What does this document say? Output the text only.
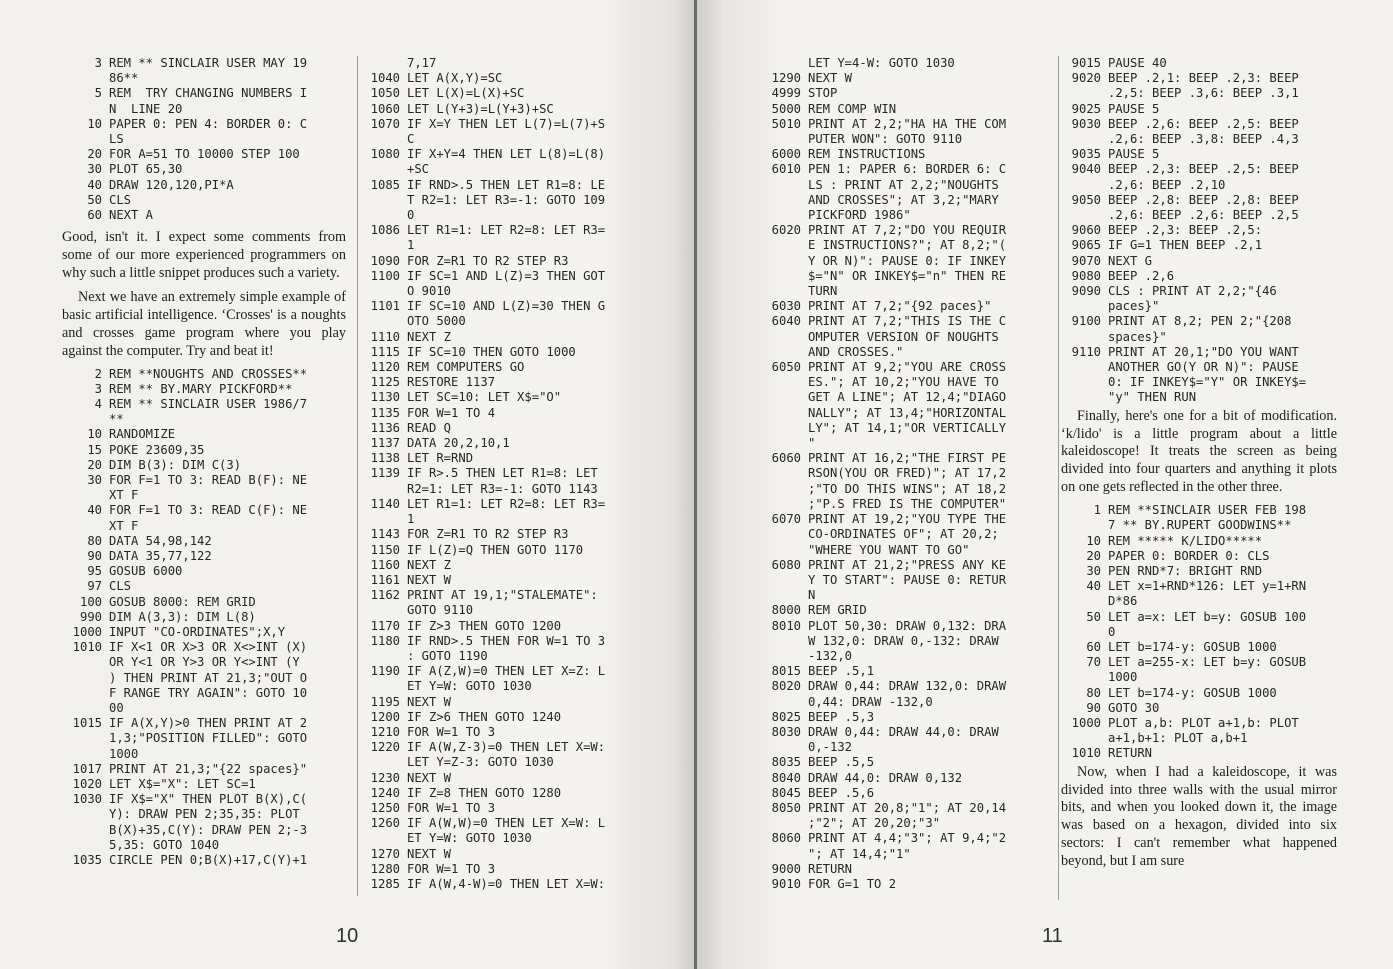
3 REM ** SINCLAIR USER MAY 19
86**
5 REM  TRY CHANGING NUMBERS I
N  LINE 20
10 PAPER 0: PEN 4: BORDER 0: C
LS
20 FOR A=51 TO 10000 STEP 100
30 PLOT 65,30
40 DRAW 120,120,PI*A
50 CLS
60 NEXT A

Good, isn't it. I expect some comments from some of our more experienced programmers on why such a little snippet produces such a variety.

Next we have an extremely simple example of basic artificial intelligence. ‘Crosses' is a noughts and crosses game program where you play against the computer. Try and beat it!

2 REM **NOUGHTS AND CROSSES**
3 REM ** BY.MARY PICKFORD**
4 REM ** SINCLAIR USER 1986/7
**
10 RANDOMIZE
15 POKE 23609,35
20 DIM B(3): DIM C(3)
30 FOR F=1 TO 3: READ B(F): NE
XT F
40 FOR F=1 TO 3: READ C(F): NE
XT F
80 DATA 54,98,142
90 DATA 35,77,122
95 GOSUB 6000
97 CLS
100 GOSUB 8000: REM GRID
990 DIM A(3,3): DIM L(8)
1000 INPUT "CO-ORDINATES";X,Y
1010 IF X<1 OR X>3 OR X<>INT (X)
OR Y<1 OR Y>3 OR Y<>INT (Y
) THEN PRINT AT 21,3;"OUT O
F RANGE TRY AGAIN": GOTO 10
00
1015 IF A(X,Y)>0 THEN PRINT AT 2
1,3;"POSITION FILLED": GOTO
1000
1017 PRINT AT 21,3;"{22 spaces}"
1020 LET X$="X": LET SC=1
1030 IF X$="X" THEN PLOT B(X),C(
Y): DRAW PEN 2;35,35: PLOT
B(X)+35,C(Y): DRAW PEN 2;-3
5,35: GOTO 1040
1035 CIRCLE PEN 0;B(X)+17,C(Y)+1
7,17
1040 LET A(X,Y)=SC
1050 LET L(X)=L(X)+SC
1060 LET L(Y+3)=L(Y+3)+SC
1070 IF X=Y THEN LET L(7)=L(7)+S
C
1080 IF X+Y=4 THEN LET L(8)=L(8)
+SC
1085 IF RND>.5 THEN LET R1=8: LE
T R2=1: LET R3=-1: GOTO 109
0
1086 LET R1=1: LET R2=8: LET R3=
1
1090 FOR Z=R1 TO R2 STEP R3
1100 IF SC=1 AND L(Z)=3 THEN GOT
O 9010
1101 IF SC=10 AND L(Z)=30 THEN G
OTO 5000
1110 NEXT Z
1115 IF SC=10 THEN GOTO 1000
1120 REM COMPUTERS GO
1125 RESTORE 1137
1130 LET SC=10: LET X$="O"
1135 FOR W=1 TO 4
1136 READ Q
1137 DATA 20,2,10,1
1138 LET R=RND
1139 IF R>.5 THEN LET R1=8: LET
R2=1: LET R3=-1: GOTO 1143
1140 LET R1=1: LET R2=8: LET R3=
1
1143 FOR Z=R1 TO R2 STEP R3
1150 IF L(Z)=Q THEN GOTO 1170
1160 NEXT Z
1161 NEXT W
1162 PRINT AT 19,1;"STALEMATE":
GOTO 9110
1170 IF Z>3 THEN GOTO 1200
1180 IF RND>.5 THEN FOR W=1 TO 3
: GOTO 1190
1190 IF A(Z,W)=0 THEN LET X=Z: L
ET Y=W: GOTO 1030
1195 NEXT W
1200 IF Z>6 THEN GOTO 1240
1210 FOR W=1 TO 3
1220 IF A(W,Z-3)=0 THEN LET X=W:
LET Y=Z-3: GOTO 1030
1230 NEXT W
1240 IF Z=8 THEN GOTO 1280
1250 FOR W=1 TO 3
1260 IF A(W,W)=0 THEN LET X=W: L
ET Y=W: GOTO 1030
1270 NEXT W
1280 FOR W=1 TO 3
1285 IF A(W,4-W)=0 THEN LET X=W:
10
LET Y=4-W: GOTO 1030
1290 NEXT W
4999 STOP
5000 REM COMP WIN
5010 PRINT AT 2,2;"HA HA THE COM
PUTER WON": GOTO 9110
6000 REM INSTRUCTIONS
6010 PEN 1: PAPER 6: BORDER 6: C
LS : PRINT AT 2,2;"NOUGHTS
AND CROSSES"; AT 3,2;"MARY
PICKFORD 1986"
6020 PRINT AT 7,2;"DO YOU REQUIR
E INSTRUCTIONS?"; AT 8,2;"(
Y OR N)": PAUSE 0: IF INKEY
$="N" OR INKEY$="n" THEN RE
TURN
6030 PRINT AT 7,2;"{92 paces}"
6040 PRINT AT 7,2;"THIS IS THE C
OMPUTER VERSION OF NOUGHTS
AND CROSSES."
6050 PRINT AT 9,2;"YOU ARE CROSS
ES."; AT 10,2;"YOU HAVE TO
GET A LINE"; AT 12,4;"DIAGO
NALLY"; AT 13,4;"HORIZONTAL
LY"; AT 14,1;"OR VERTICALLY
"
6060 PRINT AT 16,2;"THE FIRST PE
RSON(YOU OR FRED)"; AT 17,2
;"TO DO THIS WINS"; AT 18,2
;"P.S FRED IS THE COMPUTER"
6070 PRINT AT 19,2;"YOU TYPE THE
CO-ORDINATES OF"; AT 20,2;
"WHERE YOU WANT TO GO"
6080 PRINT AT 21,2;"PRESS ANY KE
Y TO START": PAUSE 0: RETUR
N
8000 REM GRID
8010 PLOT 50,30: DRAW 0,132: DRA
W 132,0: DRAW 0,-132: DRAW
-132,0
8015 BEEP .5,1
8020 DRAW 0,44: DRAW 132,0: DRAW
0,44: DRAW -132,0
8025 BEEP .5,3
8030 DRAW 0,44: DRAW 44,0: DRAW
0,-132
8035 BEEP .5,5
8040 DRAW 44,0: DRAW 0,132
8045 BEEP .5,6
8050 PRINT AT 20,8;"1"; AT 20,14
;"2"; AT 20,20;"3"
8060 PRINT AT 4,4;"3"; AT 9,4;"2
"; AT 14,4;"1"
9000 RETURN
9010 FOR G=1 TO 2
9015 PAUSE 40
9020 BEEP .2,1: BEEP .2,3: BEEP
.2,5: BEEP .3,6: BEEP .3,1
9025 PAUSE 5
9030 BEEP .2,6: BEEP .2,5: BEEP
.2,6: BEEP .3,8: BEEP .4,3
9035 PAUSE 5
9040 BEEP .2,3: BEEP .2,5: BEEP
.2,6: BEEP .2,10
9050 BEEP .2,8: BEEP .2,8: BEEP
.2,6: BEEP .2,6: BEEP .2,5
9060 BEEP .2,3: BEEP .2,5:
9065 IF G=1 THEN BEEP .2,1
9070 NEXT G
9080 BEEP .2,6
9090 CLS : PRINT AT 2,2;"{46
paces}"
9100 PRINT AT 8,2; PEN 2;"{208
spaces}"
9110 PRINT AT 20,1;"DO YOU WANT
ANOTHER GO(Y OR N)": PAUSE
0: IF INKEY$="Y" OR INKEY$=
"y" THEN RUN

Finally, here's one for a bit of modification. ‘k/lido' is a little program about a little kaleidoscope! It treats the screen as being divided into four quarters and anything it plots on one gets reflected in the other three.

1 REM **SINCLAIR USER FEB 198
7 ** BY.RUPERT GOODWINS**
10 REM ***** K/LIDO*****
20 PAPER 0: BORDER 0: CLS
30 PEN RND*7: BRIGHT RND
40 LET x=1+RND*126: LET y=1+RN
D*86
50 LET a=x: LET b=y: GOSUB 100
0
60 LET b=174-y: GOSUB 1000
70 LET a=255-x: LET b=y: GOSUB
1000
80 LET b=174-y: GOSUB 1000
90 GOTO 30
1000 PLOT a,b: PLOT a+1,b: PLOT
a+1,b+1: PLOT a,b+1
1010 RETURN

Now, when I had a kaleidoscope, it was divided into three walls with the usual mirror bits, and when you looked down it, the image was based on a hexagon, divided into six sectors: I can't remember what happened beyond, but I am sure

11
